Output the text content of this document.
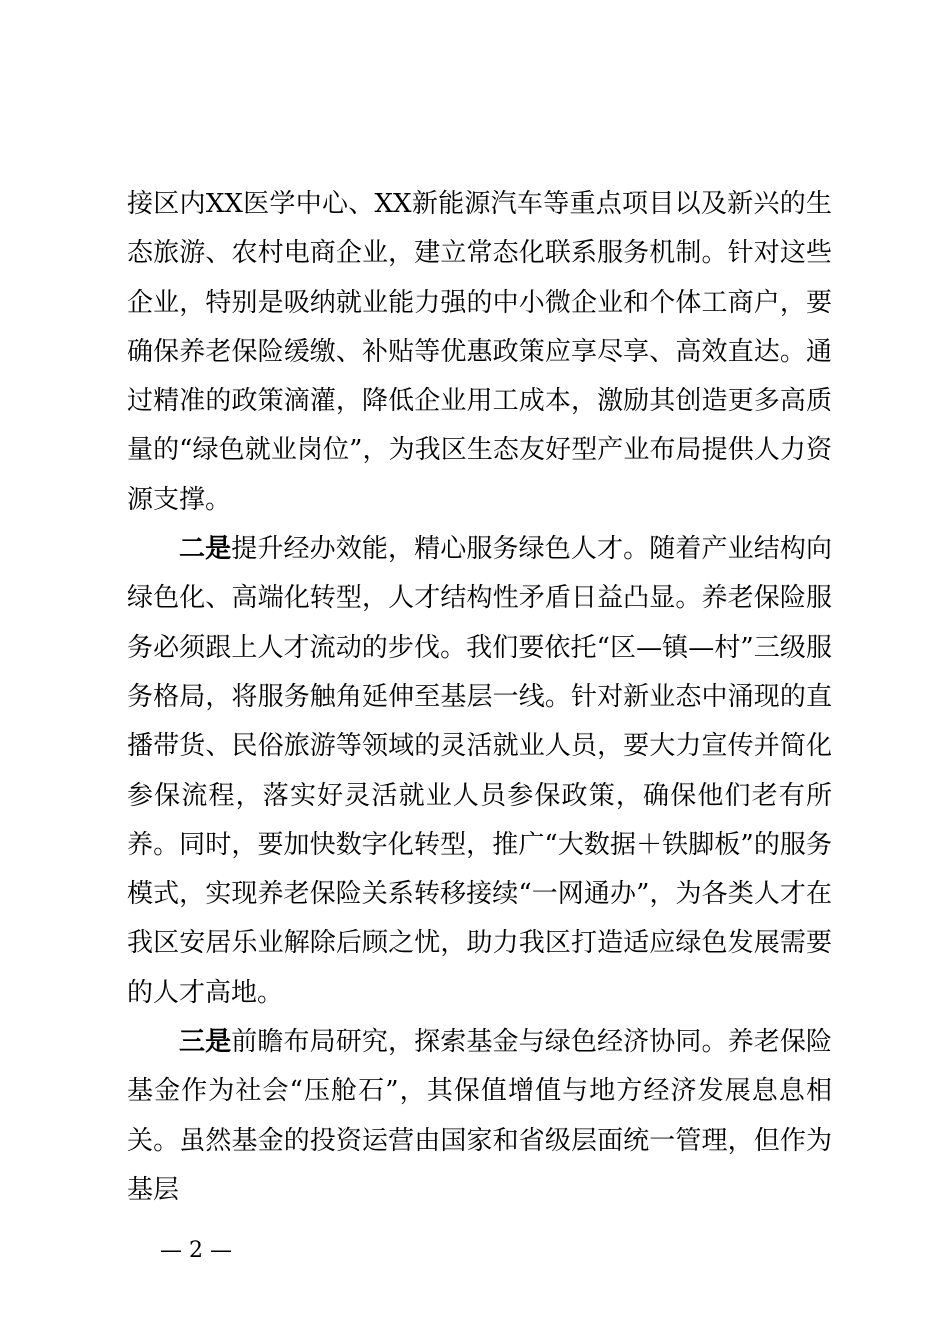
接区内XX医学中心、XX新能源汽车等重点项目以及新兴的生态旅游、农村电商企业，建立常态化联系服务机制。针对这些企业，特别是吸纳就业能力强的中小微企业和个体工商户，要确保养老保险缓缴、补贴等优惠政策应享尽享、高效直达。通过精准的政策滴灌，降低企业用工成本，激励其创造更多高质量的“绿色就业岗位”，为我区生态友好型产业布局提供人力资源支撑。

二是提升经办效能，精心服务绿色人才。随着产业结构向绿色化、高端化转型，人才结构性矛盾日益凸显。养老保险服务必须跟上人才流动的步伐。我们要依托“区—镇—村”三级服务格局，将服务触角延伸至基层一线。针对新业态中涌现的直播带货、民俗旅游等领域的灵活就业人员，要大力宣传并简化参保流程，落实好灵活就业人员参保政策，确保他们老有所养。同时，要加快数字化转型，推广“大数据＋铁脚板”的服务模式，实现养老保险关系转移接续“一网通办”，为各类人才在我区安居乐业解除后顾之忧，助力我区打造适应绿色发展需要的人才高地。

三是前瞻布局研究，探索基金与绿色经济协同。养老保险基金作为社会“压舱石”，其保值增值与地方经济发展息息相关。虽然基金的投资运营由国家和省级层面统一管理，但作为基层

— 2 —
